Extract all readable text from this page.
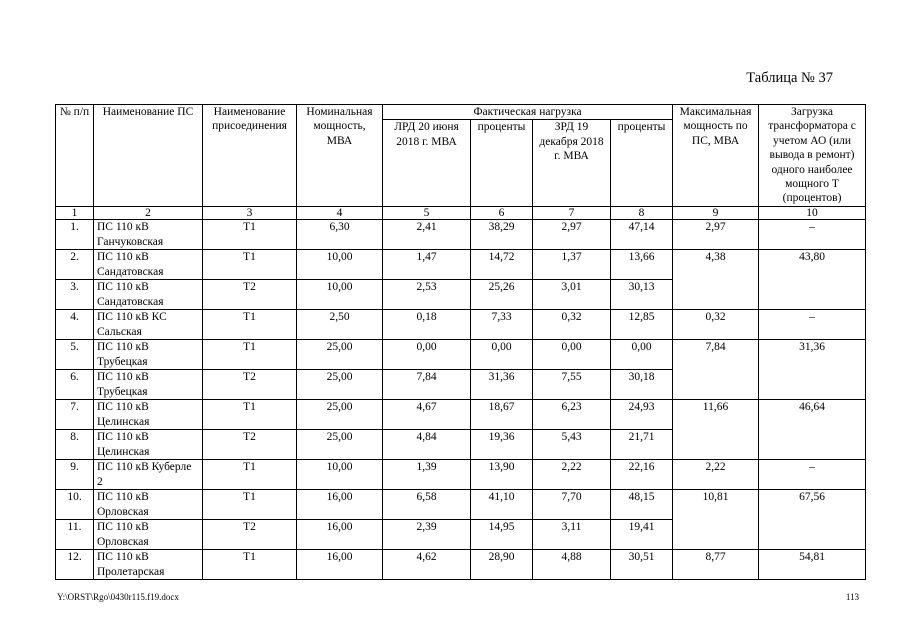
Таблица № 37
№ п/п	Наименование ПС	Наименование присоединения	Номинальная мощность, МВА	Фактическая нагрузка				Максимальная мощность по ПС, МВА	Загрузка трансформатора с учетом АО (или вывода в ремонт) одного наиболее мощного Т (процентов)
				ЛРД 20 июня 2018 г. МВА	проценты	ЗРД 19 декабря 2018 г. МВА	проценты		
1	2	3	4	5	6	7	8	9	10
1.	ПС 110 кВ Ганчуковская	Т1	6,30	2,41	38,29	2,97	47,14	2,97	–
2.	ПС 110 кВ Сандатовская	Т1	10,00	1,47	14,72	1,37	13,66	4,38	43,80
3.	ПС 110 кВ Сандатовская	Т2	10,00	2,53	25,26	3,01	30,13		
4.	ПС 110 кВ КС Сальская	Т1	2,50	0,18	7,33	0,32	12,85	0,32	–
5.	ПС 110 кВ Трубецкая	Т1	25,00	0,00	0,00	0,00	0,00	7,84	31,36
6.	ПС 110 кВ Трубецкая	Т2	25,00	7,84	31,36	7,55	30,18		
7.	ПС 110 кВ Целинская	Т1	25,00	4,67	18,67	6,23	24,93	11,66	46,64
8.	ПС 110 кВ Целинская	Т2	25,00	4,84	19,36	5,43	21,71		
9.	ПС 110 кВ Куберле 2	Т1	10,00	1,39	13,90	2,22	22,16	2,22	–
10.	ПС 110 кВ Орловская	Т1	16,00	6,58	41,10	7,70	48,15	10,81	67,56
11.	ПС 110 кВ Орловская	Т2	16,00	2,39	14,95	3,11	19,41		
12.	ПС 110 кВ Пролетарская	Т1	16,00	4,62	28,90	4,88	30,51	8,77	54,81
Y:\ORST\Rgo\0430r115.f19.docx	113
